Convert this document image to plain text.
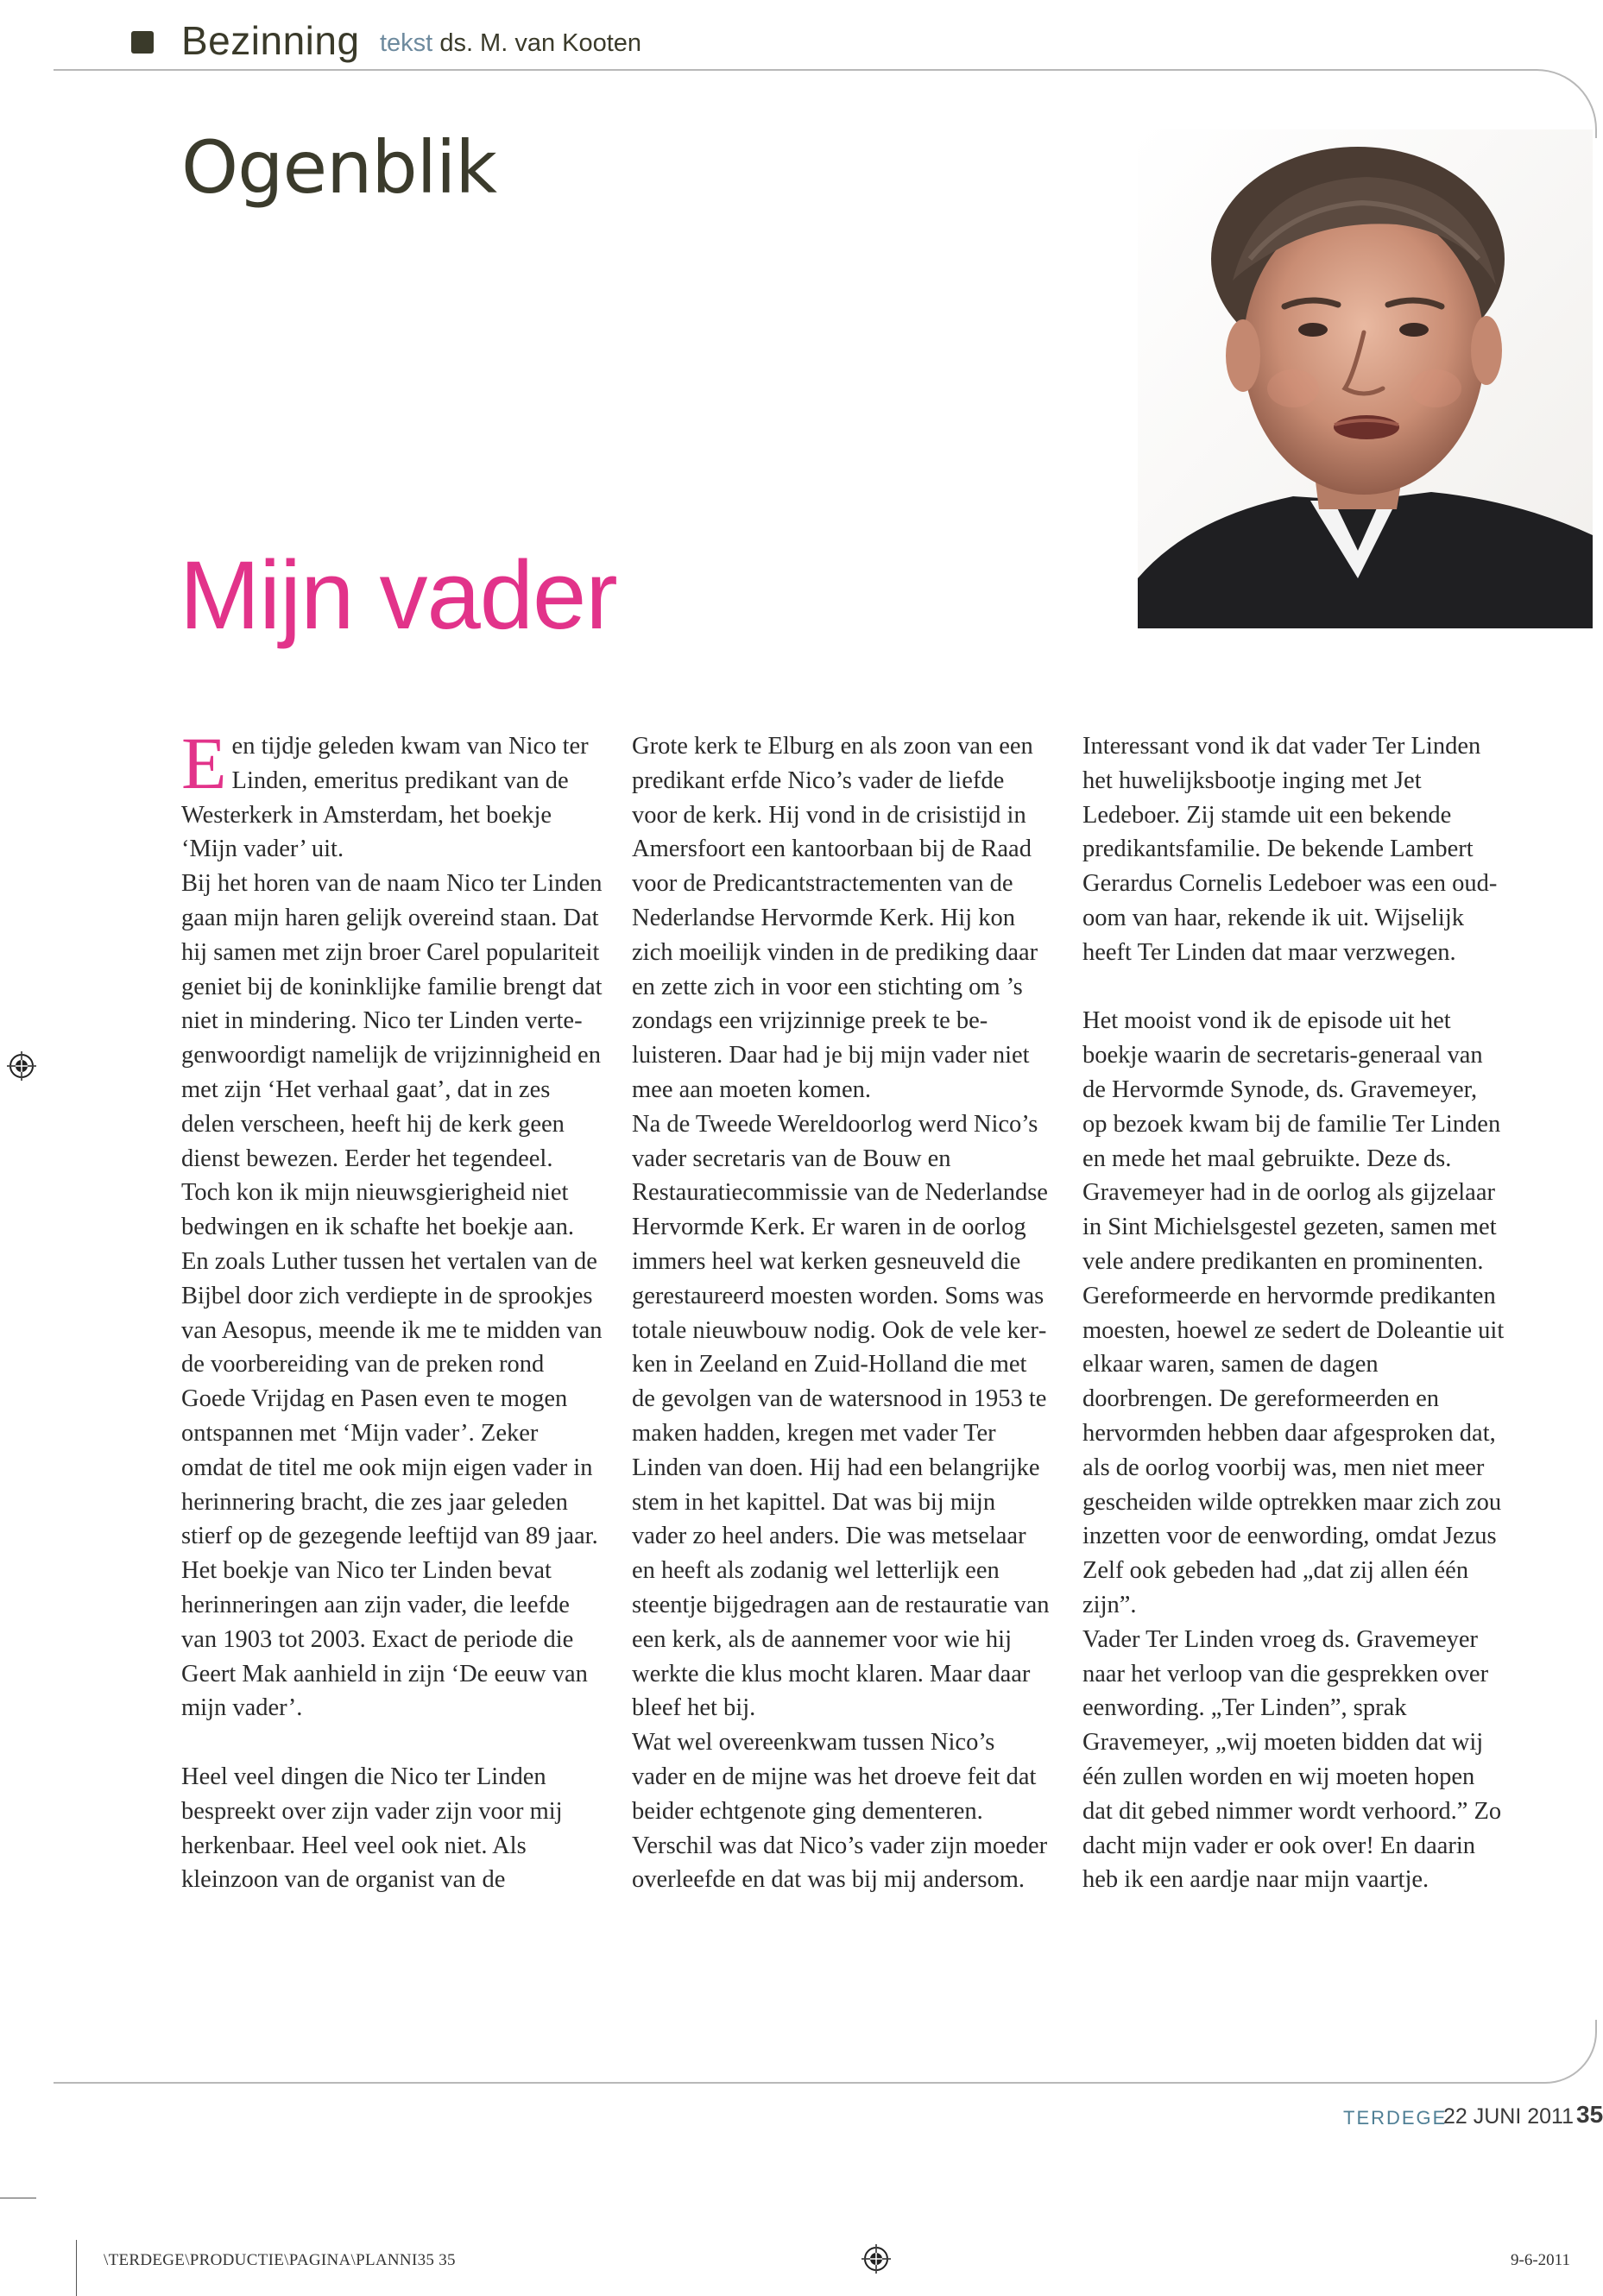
Bezinning tekst ds. M. van Kooten
Ogenblik
Mijn vader

Een tijdje geleden kwam van Nico ter Linden, emeritus predikant van de Westerkerk in Amsterdam, het boekje ‘Mijn vader’ uit.

Bij het horen van de naam Nico ter Linden gaan mijn haren gelijk overeind staan. Dat hij samen met zijn broer Carel populariteit geniet bij de koninklijke familie brengt dat niet in mindering. Nico ter Linden vertegenwoordigt namelijk de vrijzinnigheid en met zijn ‘Het verhaal gaat’, dat in zes delen verscheen, heeft hij de kerk geen dienst bewezen. Eerder het tegendeel.

Toch kon ik mijn nieuwsgierigheid niet bedwingen en ik schafte het boekje aan. En zoals Luther tussen het vertalen van de Bijbel door zich verdiepte in de sprookjes van Aesopus, meende ik me te midden van de voorbereiding van de preken rond Goede Vrijdag en Pasen even te mogen ontspannen met ‘Mijn vader’. Zeker omdat de titel me ook mijn eigen vader in herinnering bracht, die zes jaar geleden stierf op de gezegende leeftijd van 89 jaar.

Het boekje van Nico ter Linden bevat herinneringen aan zijn vader, die leefde van 1903 tot 2003. Exact de periode die Geert Mak aanhield in zijn ‘De eeuw van mijn vader’.

Heel veel dingen die Nico ter Linden bespreekt over zijn vader zijn voor mij herkenbaar. Heel veel ook niet. Als kleinzoon van de organist van de

Grote kerk te Elburg en als zoon van een predikant erfde Nico’s vader de liefde voor de kerk. Hij vond in de crisistijd in Amersfoort een kantoorbaan bij de Raad voor de Predicantstractementen van de Nederlandse Hervormde Kerk. Hij kon zich moeilijk vinden in de prediking daar en zette zich in voor een stichting om ’s zondags een vrijzinnige preek te beluisteren. Daar had je bij mijn vader niet mee aan moeten komen.

Na de Tweede Wereldoorlog werd Nico’s vader secretaris van de Bouw en Restauratiecommissie van de Nederlandse Hervormde Kerk. Er waren in de oorlog immers heel wat kerken gesneuveld die gerestaureerd moesten worden. Soms was totale nieuwbouw nodig. Ook de vele kerken in Zeeland en Zuid-Holland die met de gevolgen van de watersnood in 1953 te maken hadden, kregen met vader Ter Linden van doen. Hij had een belangrijke stem in het kapittel. Dat was bij mijn vader zo heel anders. Die was metselaar en heeft als zodanig wel letterlijk een steentje bijgedragen aan de restauratie van een kerk, als de aannemer voor wie hij werkte die klus mocht klaren. Maar daar bleef het bij.

Wat wel overeenkwam tussen Nico’s vader en de mijne was het droeve feit dat beider echtgenote ging dementeren. Verschil was dat Nico’s vader zijn moeder overleefde en dat was bij mij andersom.

Interessant vond ik dat vader Ter Linden het huwelijksbootje inging met Jet Ledeboer. Zij stamde uit een bekende predikantsfamilie. De bekende Lambert Gerardus Cornelis Ledeboer was een oud-oom van haar, rekende ik uit. Wijselijk heeft Ter Linden dat maar verzwegen.

Het mooist vond ik de episode uit het boekje waarin de secretaris-generaal van de Hervormde Synode, ds. Gravemeyer, op bezoek kwam bij de familie Ter Linden en mede het maal gebruikte. Deze ds. Gravemeyer had in de oorlog als gijzelaar in Sint Michielsgestel gezeten, samen met vele andere predikanten en prominenten. Gereformeerde en hervormde predikanten moesten, hoewel ze sedert de Doleantie uit elkaar waren, samen de dagen doorbrengen. De gereformeerden en hervormden hebben daar afgesproken dat, als de oorlog voorbij was, men niet meer gescheiden wilde optrekken maar zich zou inzetten voor de eenwording, omdat Jezus Zelf ook gebeden had „dat zij allen één zijn”.

Vader Ter Linden vroeg ds. Gravemeyer naar het verloop van die gesprekken over eenwording. „Ter Linden”, sprak Gravemeyer, „wij moeten bidden dat wij één zullen worden en wij moeten hopen dat dit gebed nimmer wordt verhoord.” Zo dacht mijn vader er ook over! En daarin heb ik een aardje naar mijn vaartje.

TERDEGE
22 JUNI 2011 35
\TERDEGE\PRODUCTIE\PAGINA\PLANNI35 35	9-6-2011
